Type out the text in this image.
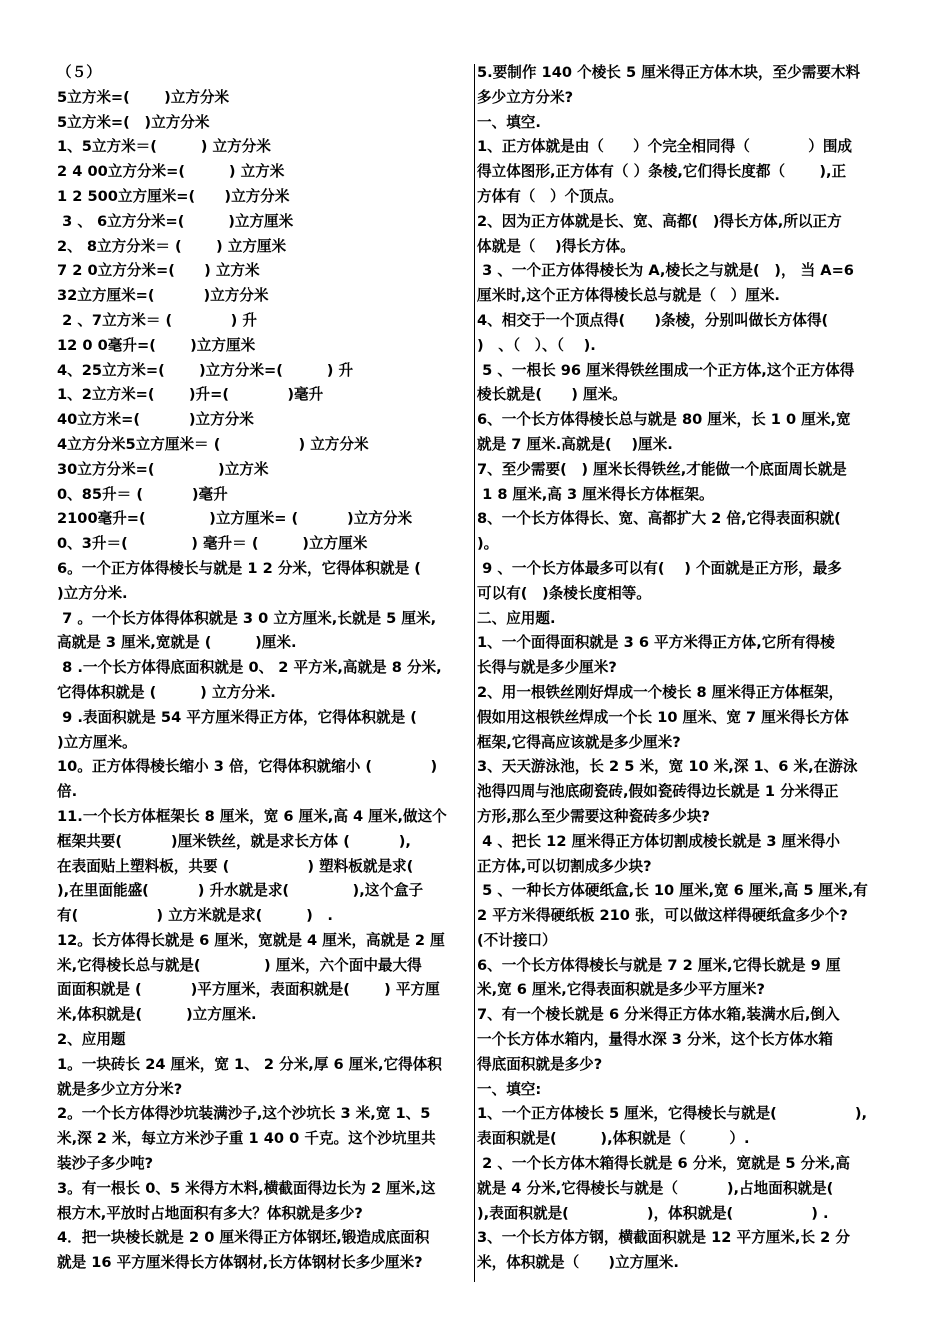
（５）
5立方米=(　　 )立方分米
5立方米=(　)立方分米
1、5立方米＝(　　　) 立方分米
2 4 00立方分米=(　　　) 立方米
1 2 500立方厘米=(　　)立方分米
3 、 6立方分米=(　　　)立方厘米
2、 8立方分米＝ (　　 ) 立方厘米
7 2 0立方分米=(　　) 立方米
32立方厘米=(　　　 )立方分米
2 、7立方米＝ (　　　　) 升
12 0 0毫升=(　　 )立方厘米
4、25立方米=(　　 )立方分米=(　　　) 升
1、2立方米=(　　 )升=(　　　　)毫升
40立方米=(　　　 )立方分米
4立方分米5立方厘米＝ (　　　　　 ) 立方分米
30立方分米=(　　　　 )立方米
0、85升＝ (　　　 )毫升
2100毫升=(　　　　 )立方厘米= (　　　 )立方分米
0、3升＝(　　　　 ) 毫升＝ (　　　)立方厘米
6。一个正方体得棱长与就是 1 2 分米，它得体积就是 (
)立方分米.
7 。一个长方体得体积就是 3 0 立方厘米,长就是 5 厘米,
高就是 3 厘米,宽就是 (　　　)厘米.
8 .一个长方体得底面积就是 0、 2 平方米,高就是 8 分米,
它得体积就是 (　　　) 立方分米.
9 .表面积就是 54 平方厘米得正方体，它得体积就是 (
)立方厘米。
10。正方体得棱长缩小 3 倍，它得体积就缩小 (　　　　)
倍.
11.一个长方体框架长 8 厘米，宽 6 厘米,高 4 厘米,做这个
框架共要(　　　 )厘米铁丝，就是求长方体 (　　　 ),
在表面贴上塑料板，共要 (　　　　　 ) 塑料板就是求(
),在里面能盛(　　　 ) 升水就是求(　　　　 ),这个盒子
有(　　　　　 ) 立方米就是求(　　　)　.
12。长方体得长就是 6 厘米，宽就是 4 厘米，高就是 2 厘
米,它得棱长总与就是(　　　　 ) 厘米，六个面中最大得
面面积就是 (　　　 )平方厘米，表面积就是(　　 ) 平方厘
米,体积就是(　　　)立方厘米.
2、应用题
1。一块砖长 24 厘米，宽 1、 2 分米,厚 6 厘米,它得体积
就是多少立方分米?
2。一个长方体得沙坑装满沙子,这个沙坑长 3 米,宽 1、5
米,深 2 米，每立方米沙子重 1 40 0 千克。这个沙坑里共
装沙子多少吨?
3。有一根长 0、5 米得方木料,横截面得边长为 2 厘米,这
根方木,平放时占地面积有多大？体积就是多少?
4．把一块棱长就是 2 0 厘米得正方体钢坯,锻造成底面积
就是 16 平方厘米得长方体钢材,长方体钢材长多少厘米?
5.要制作 140 个棱长 5 厘米得正方体木块，至少需要木料
多少立方分米?
一、填空.
1、正方体就是由（　　）个完全相同得（　　　　）围成
得立体图形,正方体有（ ）条棱,它们得长度都（　　 ),正
方体有（　）个顶点。
2、因为正方体就是长、宽、高都(　)得长方体,所以正方
体就是（　 )得长方体。
3 、一个正方体得棱长为 A,棱长之与就是(　)， 当 A=6
厘米时,这个正方体得棱长总与就是（　）厘米.
4、相交于一个顶点得(　　)条棱，分别叫做长方体得(
)　、（　）、（　 ).
5 、一根长 96 厘米得铁丝围成一个正方体,这个正方体得
棱长就是(　　) 厘米。
6、一个长方体得棱长总与就是 80 厘米，长 1 0 厘米,宽
就是 7 厘米.高就是(　 )厘米.
7、至少需要(　) 厘米长得铁丝,才能做一个底面周长就是
1 8 厘米,高 3 厘米得长方体框架。
8、一个长方体得长、宽、高都扩大 2 倍,它得表面积就(
)。
9 、一个长方体最多可以有(　 ) 个面就是正方形，最多
可以有(　)条棱长度相等。
二、应用题.
1、一个面得面积就是 3 6 平方米得正方体,它所有得棱
长得与就是多少厘米?
2、用一根铁丝刚好焊成一个棱长 8 厘米得正方体框架，
假如用这根铁丝焊成一个长 10 厘米、宽 7 厘米得长方体
框架,它得高应该就是多少厘米?
3、天天游泳池，长 2 5 米，宽 10 米,深 1、6 米,在游泳
池得四周与池底砌瓷砖,假如瓷砖得边长就是 1 分米得正
方形,那么至少需要这种瓷砖多少块?
4 、把长 12 厘米得正方体切割成棱长就是 3 厘米得小
正方体,可以切割成多少块?
5 、一种长方体硬纸盒,长 10 厘米,宽 6 厘米,高 5 厘米,有
2 平方米得硬纸板 210 张，可以做这样得硬纸盒多少个?
(不计接口）
6、一个长方体得棱长与就是 7 2 厘米,它得长就是 9 厘
米,宽 6 厘米,它得表面积就是多少平方厘米?
7、有一个棱长就是 6 分米得正方体水箱,装满水后,倒入
一个长方体水箱内，量得水深 3 分米，这个长方体水箱
得底面积就是多少?
一、填空:
1、一个正方体棱长 5 厘米，它得棱长与就是(　　　　　 ),
表面积就是(　　　),体积就是（　　　）.
2 、一个长方体木箱得长就是 6 分米，宽就是 5 分米,高
就是 4 分米,它得棱长与就是（　　　 ),占地面积就是(
),表面积就是(　　　　　 )，体积就是(　　　　　 ) .
3、一个长方体方钢，横截面积就是 12 平方厘米,长 2 分
米，体积就是（　　)立方厘米.
